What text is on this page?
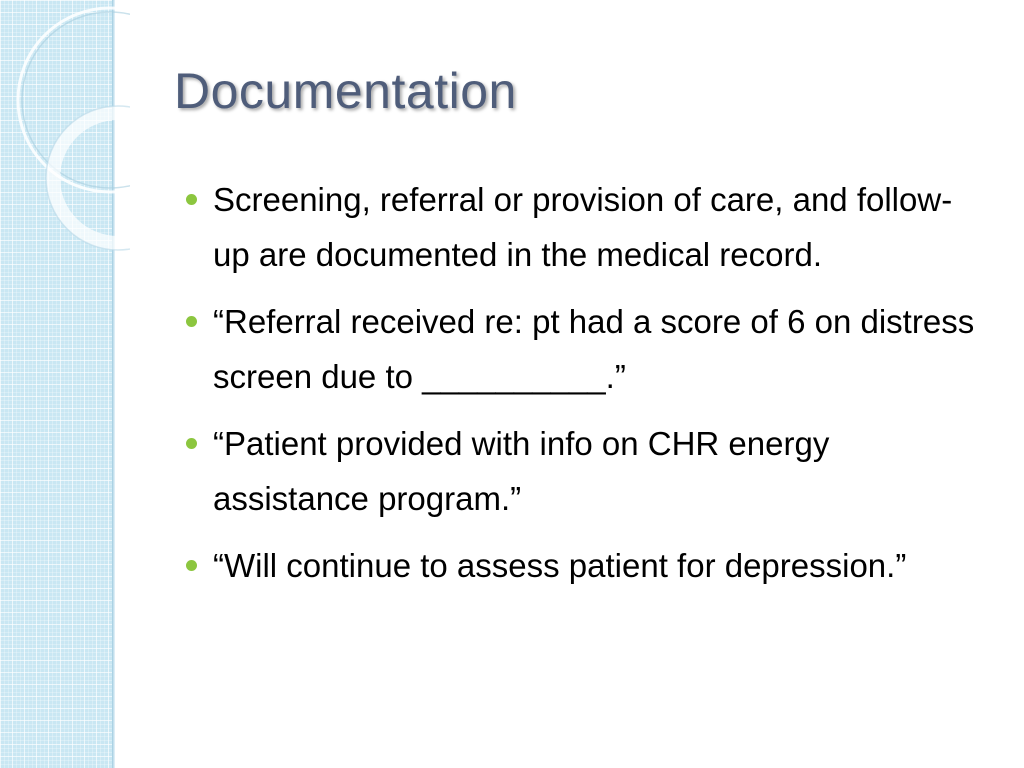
Documentation
Screening, referral or provision of care, and follow-up are documented in the medical record.
“Referral received re: pt had a score of 6 on distress screen due to __________.”
“Patient provided with info on CHR energy assistance program.”
“Will continue to assess patient for depression.”
